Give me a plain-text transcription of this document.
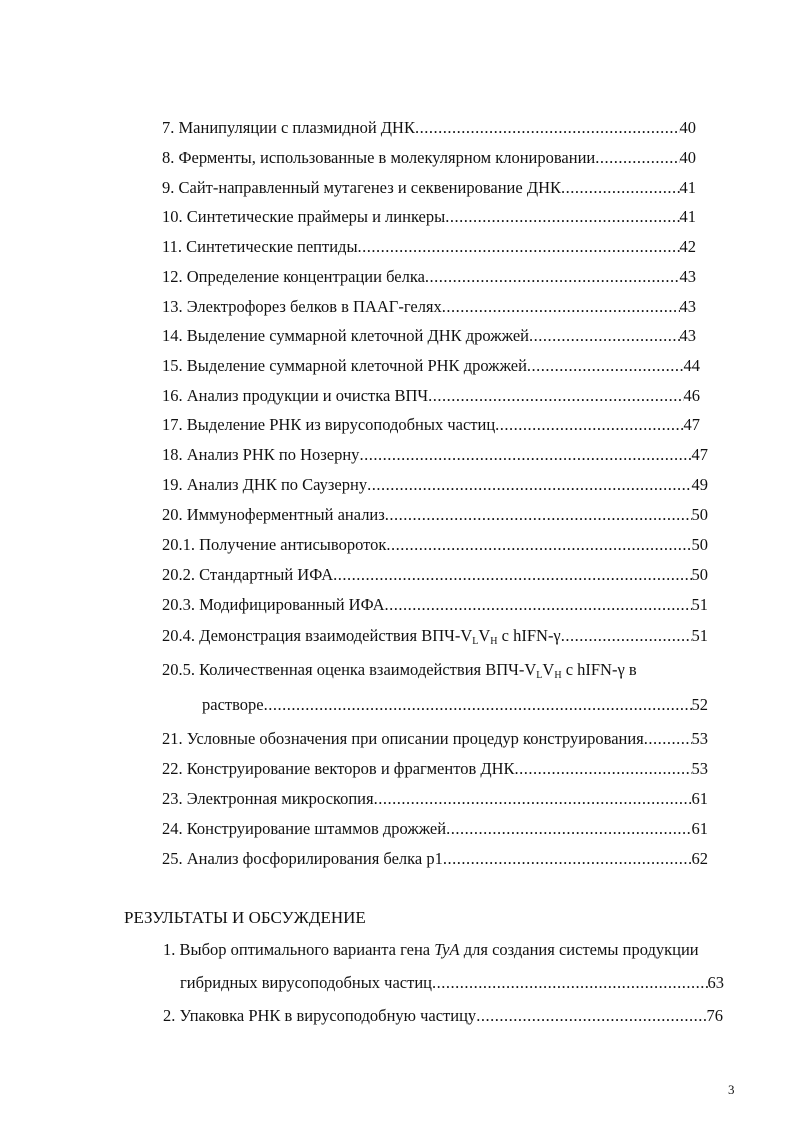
7. Манипуляции с плазмидной ДНК .....	40
8. Ферменты, использованные в молекулярном клонировании .....	40
9. Сайт-направленный мутагенез и секвенирование ДНК .....	41
10. Синтетические праймеры и линкеры .....	41
11. Синтетические пептиды .....	42
12. Определение концентрации белка .....	43
13. Электрофорез белков в ПААГ-гелях .....	43
14. Выделение суммарной клеточной ДНК дрожжей .....	43
15. Выделение суммарной клеточной РНК дрожжей .....	44
16. Анализ продукции и очистка ВПЧ .....	46
17. Выделение РНК из вирусоподобных частиц .....	47
18. Анализ РНК по Нозерну .....	47
19. Анализ ДНК по Саузерну .....	49
20. Иммуноферментный анализ .....	50
20.1. Получение антисывороток .....	50
20.2. Стандартный ИФА .....	50
20.3. Модифицированный ИФА .....	51
20.4. Демонстрация взаимодействия ВПЧ-$V_LV_H$ с hIFN-γ .....	51
20.5. Количественная оценка взаимодействия ВПЧ-$V_LV_H$ с hIFN-γ в
растворе .....	52
21. Условные обозначения при описании процедур конструирования .....	53
22. Конструирование векторов и фрагментов ДНК .....	53
23. Электронная микроскопия .....	61
24. Конструирование штаммов дрожжей .....	61
25. Анализ фосфорилирования белка p1 .....	62
РЕЗУЛЬТАТЫ И ОБСУЖДЕНИЕ
1. Выбор оптимального варианта гена TyA для создания системы продукции
гибридных вирусоподобных частиц .....	63
2. Упаковка РНК в вирусоподобную частицу .....	76
3
